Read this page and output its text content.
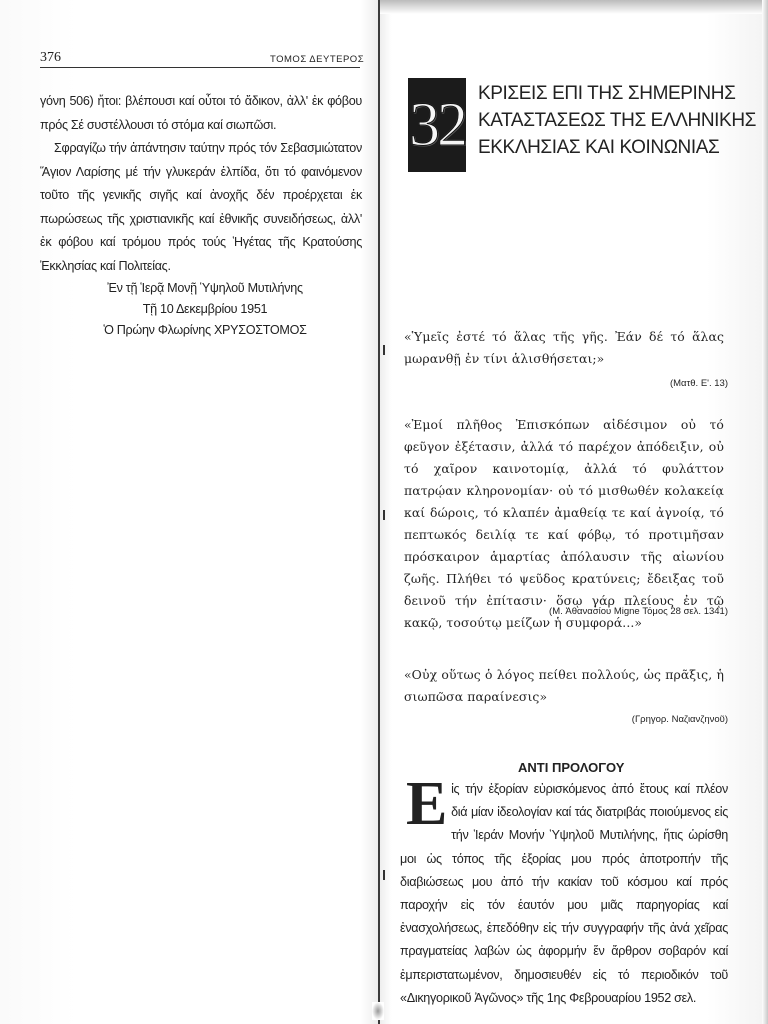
376	ΤΟΜΟΣ ΔΕΥΤΕΡΟΣ

γόνη 506) ἤτοι: βλέπουσι καί οὗτοι τό ἄδικον, ἀλλ' ἐκ φόβου πρός Σέ συστέλλουσι τό στόμα καί σιωπῶσι.

Σφραγίζω τήν ἀπάντησιν ταύτην πρός τόν Σεβασμιώτατον Ἅγιον Λαρίσης μέ τήν γλυκεράν ἐλπίδα, ὅτι τό φαινόμενον τοῦτο τῆς γενικῆς σιγῆς καί ἀνοχῆς δέν προέρχεται ἐκ πωρώσεως τῆς χριστιανικῆς καί ἐθνικῆς συνειδήσεως, ἀλλ' ἐκ φόβου καί τρόμου πρός τούς Ἡγέτας τῆς Κρατούσης Ἐκκλησίας καί Πολιτείας.

Ἐν τῇ Ἱερᾷ Μονῇ Ὑψηλοῦ Μυτιλήνης
Τῇ 10 Δεκεμβρίου 1951
Ὁ Πρώην Φλωρίνης ΧΡΥΣΟΣΤΟΜΟΣ
32 ΚΡΙΣΕΙΣ ΕΠΙ ΤΗΣ ΣΗΜΕΡΙΝΗΣ
ΚΑΤΑΣΤΑΣΕΩΣ ΤΗΣ ΕΛΛΗΝΙΚΗΣ
ΕΚΚΛΗΣΙΑΣ ΚΑΙ ΚΟΙΝΩΝΙΑΣ
«Ὑμεῖς ἐστέ τό ἅλας τῆς γῆς. Ἐάν δέ τό ἅλας μωρανθῇ ἐν τίνι ἁλισθήσεται;»
(Ματθ. Ε'. 13)
«Ἐμοί πλῆθος Ἐπισκόπων αἰδέσιμον οὐ τό φεῦγον ἐξέτασιν, ἀλλά τό παρέχον ἀπόδειξιν, οὐ τό χαῖρον καινοτομίᾳ, ἀλλά τό φυλάττον πατρῴαν κληρονομίαν· οὐ τό μισθωθέν κολακείᾳ καί δώροις, τό κλαπέν ἀμαθείᾳ τε καί ἀγνοίᾳ, τό πεπτωκός δειλίᾳ τε καί φόβῳ, τό προτιμῆσαν πρόσκαιρον ἁμαρτίας ἀπόλαυσιν τῆς αἰωνίου ζωῆς. Πλήθει τό ψεῦδος κρατύνεις; ἔδειξας τοῦ δεινοῦ τήν ἐπίτασιν· ὅσῳ γάρ πλείους ἐν τῷ κακῷ, τοσούτῳ μείζων ἡ συμφορά...»
(Μ. Ἀθανασίου Migne Τόμος 28 σελ. 1341)
«Οὐχ οὕτως ὁ λόγος πείθει πολλούς, ὡς πρᾶξις, ἡ σιωπῶσα παραίνεσις»
(Γρηγορ. Ναζιανζηνοῦ)
ΑΝΤΙ ΠΡΟΛΟΓΟΥ
Ε ἰς τήν ἐξορίαν εὑρισκόμενος ἀπό ἔτους καί πλέον διά μίαν ἰδεολογίαν καί τάς διατριβάς ποιούμενος εἰς τήν Ἱεράν Μονήν Ὑψηλοῦ Μυτιλήνης, ἥτις ὡρίσθη μοι ὡς τόπος τῆς ἐξορίας μου πρός ἀποτροπήν τῆς διαβιώσεως μου ἀπό τήν κακίαν τοῦ κόσμου καί πρός παροχήν εἰς τόν ἑαυτόν μου μιᾶς παρηγορίας καί ἐνασχολήσεως, ἐπεδόθην εἰς τήν συγγραφήν τῆς ἀνά χεῖρας πραγματείας λαβών ὡς ἀφορμήν ἕν ἄρθρον σοβαρόν καί ἐμπεριστατωμένον, δημοσιευθέν εἰς τό περιοδικόν τοῦ «Δικηγορικοῦ Ἀγῶνος» τῆς 1ης Φεβρουαρίου 1952 σελ.
